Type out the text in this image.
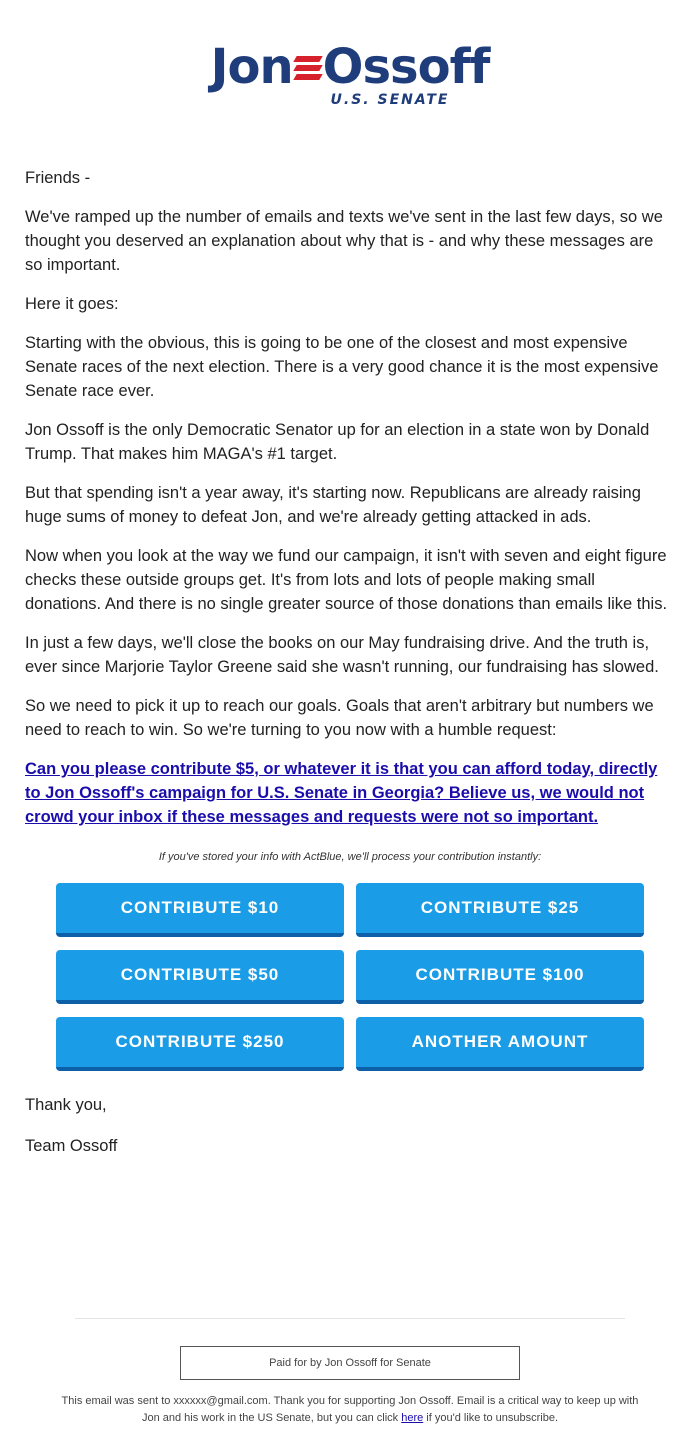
Jon Ossoff
U.S. SENATE

Friends -

We've ramped up the number of emails and texts we've sent in the last few days, so we thought you deserved an explanation about why that is - and why these messages are so important.

Here it goes:

Starting with the obvious, this is going to be one of the closest and most expensive Senate races of the next election. There is a very good chance it is the most expensive Senate race ever.

Jon Ossoff is the only Democratic Senator up for an election in a state won by Donald Trump. That makes him MAGA's #1 target.

But that spending isn't a year away, it's starting now. Republicans are already raising huge sums of money to defeat Jon, and we're already getting attacked in ads.

Now when you look at the way we fund our campaign, it isn't with seven and eight figure checks these outside groups get. It's from lots and lots of people making small donations. And there is no single greater source of those donations than emails like this.

In just a few days, we'll close the books on our May fundraising drive. And the truth is, ever since Marjorie Taylor Greene said she wasn't running, our fundraising has slowed.

So we need to pick it up to reach our goals. Goals that aren't arbitrary but numbers we need to reach to win. So we're turning to you now with a humble request:

Can you please contribute $5, or whatever it is that you can afford today, directly to Jon Ossoff's campaign for U.S. Senate in Georgia? Believe us, we would not crowd your inbox if these messages and requests were not so important.
If you've stored your info with ActBlue, we'll process your contribution instantly:
CONTRIBUTE $10	CONTRIBUTE $25
CONTRIBUTE $50	CONTRIBUTE $100
CONTRIBUTE $250	ANOTHER AMOUNT

Thank you,

Team Ossoff

Paid for by Jon Ossoff for Senate
This email was sent to xxxxxx@gmail.com. Thank you for supporting Jon Ossoff. Email is a critical way to keep up with Jon and his work in the US Senate, but you can click here if you'd like to unsubscribe.
